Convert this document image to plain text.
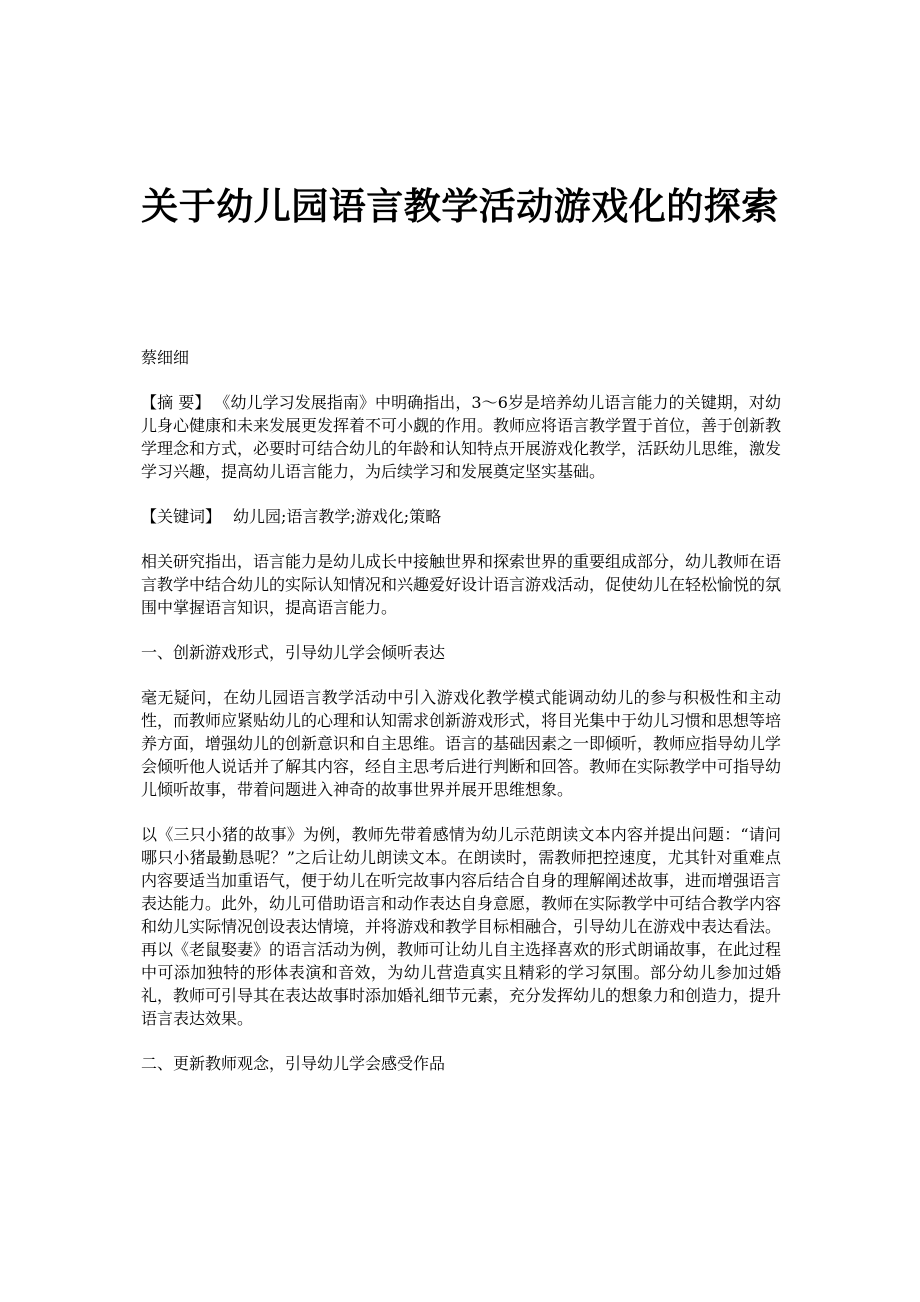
关于幼儿园语言教学活动游戏化的探索

蔡细细

【摘 要】 《幼儿学习发展指南》中明确指出，3～6岁是培养幼儿语言能力的关键期，对幼儿身心健康和未来发展更发挥着不可小觑的作用。教师应将语言教学置于首位，善于创新教学理念和方式，必要时可结合幼儿的年龄和认知特点开展游戏化教学，活跃幼儿思维，激发学习兴趣，提高幼儿语言能力，为后续学习和发展奠定坚实基础。

【关键词】 幼儿园;语言教学;游戏化;策略

相关研究指出，语言能力是幼儿成长中接触世界和探索世界的重要组成部分，幼儿教师在语言教学中结合幼儿的实际认知情况和兴趣爱好设计语言游戏活动，促使幼儿在轻松愉悦的氛围中掌握语言知识，提高语言能力。

一、创新游戏形式，引导幼儿学会倾听表达

毫无疑问，在幼儿园语言教学活动中引入游戏化教学模式能调动幼儿的参与积极性和主动性，而教师应紧贴幼儿的心理和认知需求创新游戏形式，将目光集中于幼儿习惯和思想等培养方面，增强幼儿的创新意识和自主思维。语言的基础因素之一即倾听，教师应指导幼儿学会倾听他人说话并了解其内容，经自主思考后进行判断和回答。教师在实际教学中可指导幼儿倾听故事，带着问题进入神奇的故事世界并展开思维想象。

以《三只小猪的故事》为例，教师先带着感情为幼儿示范朗读文本内容并提出问题：“请问哪只小猪最勤恳呢？”之后让幼儿朗读文本。在朗读时，需教师把控速度，尤其针对重难点内容要适当加重语气，便于幼儿在听完故事内容后结合自身的理解阐述故事，进而增强语言表达能力。此外，幼儿可借助语言和动作表达自身意愿，教师在实际教学中可结合教学内容和幼儿实际情况创设表达情境，并将游戏和教学目标相融合，引导幼儿在游戏中表达看法。再以《老鼠娶妻》的语言活动为例，教师可让幼儿自主选择喜欢的形式朗诵故事，在此过程中可添加独特的形体表演和音效，为幼儿营造真实且精彩的学习氛围。部分幼儿参加过婚礼，教师可引导其在表达故事时添加婚礼细节元素，充分发挥幼儿的想象力和创造力，提升语言表达效果。

二、更新教师观念，引导幼儿学会感受作品
